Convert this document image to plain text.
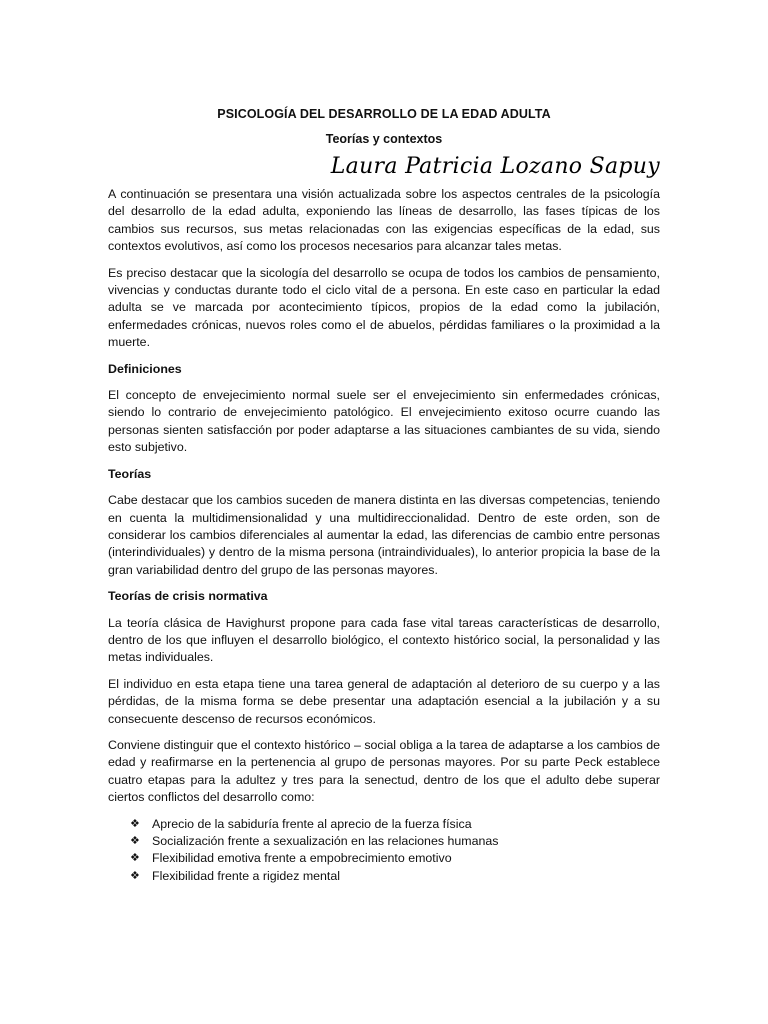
PSICOLOGÍA DEL DESARROLLO DE LA EDAD ADULTA
Teorías y contextos
Laura Patricia Lozano Sapuy

A continuación se presentara una visión actualizada sobre los aspectos centrales de la psicología del desarrollo de la edad adulta, exponiendo las líneas de desarrollo, las fases típicas de los cambios sus recursos, sus metas relacionadas con las exigencias específicas de la edad, sus contextos evolutivos, así como los procesos necesarios para alcanzar tales metas.

Es preciso destacar que la sicología del desarrollo se ocupa de todos los cambios de pensamiento, vivencias y conductas durante todo el ciclo vital de a persona. En este caso en particular la edad adulta se ve marcada por acontecimiento típicos, propios de la edad como la jubilación, enfermedades crónicas, nuevos roles como el de abuelos, pérdidas familiares o la proximidad a la muerte.

Definiciones

El concepto de envejecimiento normal suele ser el envejecimiento sin enfermedades crónicas, siendo lo contrario de envejecimiento patológico. El envejecimiento exitoso ocurre cuando las personas sienten satisfacción por poder adaptarse a las situaciones cambiantes de su vida, siendo esto subjetivo.

Teorías

Cabe destacar que los cambios suceden de manera distinta en las diversas competencias, teniendo en cuenta la multidimensionalidad y una multidireccionalidad. Dentro de este orden, son de considerar los cambios diferenciales al aumentar la edad, las diferencias de cambio entre personas (interindividuales) y dentro de la misma persona (intraindividuales), lo anterior propicia la base de la gran variabilidad dentro del grupo de las personas mayores.

Teorías de crisis normativa

La teoría clásica de Havighurst propone para cada fase vital tareas características de desarrollo, dentro de los que influyen el desarrollo biológico, el contexto histórico social, la personalidad y las metas individuales.

El individuo en esta etapa tiene una tarea general de adaptación al deterioro de su cuerpo y a las pérdidas, de la misma forma se debe presentar una adaptación esencial a la jubilación y a su consecuente descenso de recursos económicos.

Conviene distinguir que el contexto histórico – social obliga a la tarea de adaptarse a los cambios de edad y reafirmarse en la pertenencia al grupo de personas mayores. Por su parte Peck establece cuatro etapas para la adultez y tres para la senectud, dentro de los que el adulto debe superar ciertos conflictos del desarrollo como:

❖ Aprecio de la sabiduría frente al aprecio de la fuerza física
❖ Socialización frente a sexualización en las relaciones humanas
❖ Flexibilidad emotiva frente a empobrecimiento emotivo
❖ Flexibilidad frente a rigidez mental
